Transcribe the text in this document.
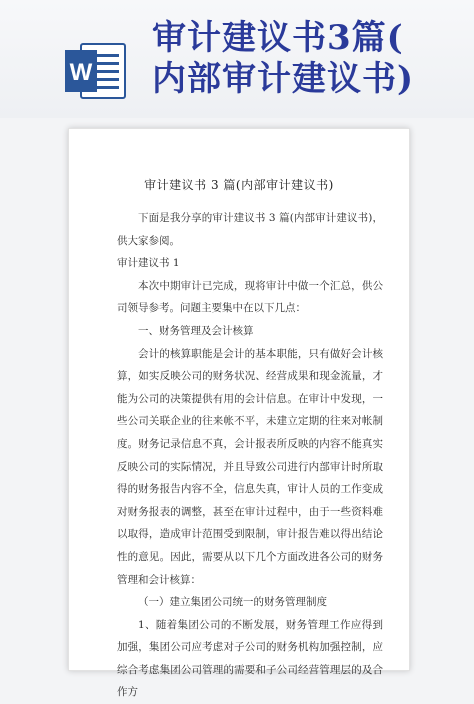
W
审计建议书3篇(
内部审计建议书)
审计建议书 3 篇(内部审计建议书)

下面是我分享的审计建议书 3 篇(内部审计建议书)，供大家参阅。

审计建议书 1

本次中期审计已完成，现将审计中做一个汇总，供公司领导参考。问题主要集中在以下几点：

一、财务管理及会计核算

会计的核算职能是会计的基本职能，只有做好会计核算，如实反映公司的财务状况、经营成果和现金流量，才能为公司的决策提供有用的会计信息。在审计中发现，一些公司关联企业的往来帐不平，未建立定期的往来对帐制度。财务记录信息不真，会计报表所反映的内容不能真实反映公司的实际情况，并且导致公司进行内部审计时所取得的财务报告内容不全，信息失真，审计人员的工作变成对财务报表的调整，甚至在审计过程中，由于一些资料难以取得，造成审计范围受到限制，审计报告难以得出结论性的意见。因此，需要从以下几个方面改进各公司的财务管理和会计核算：

（一）建立集团公司统一的财务管理制度

1、随着集团公司的不断发展，财务管理工作应得到加强，集团公司应考虑对子公司的财务机构加强控制，应综合考虑集团公司管理的需要和子公司经营管理层的及合作方
